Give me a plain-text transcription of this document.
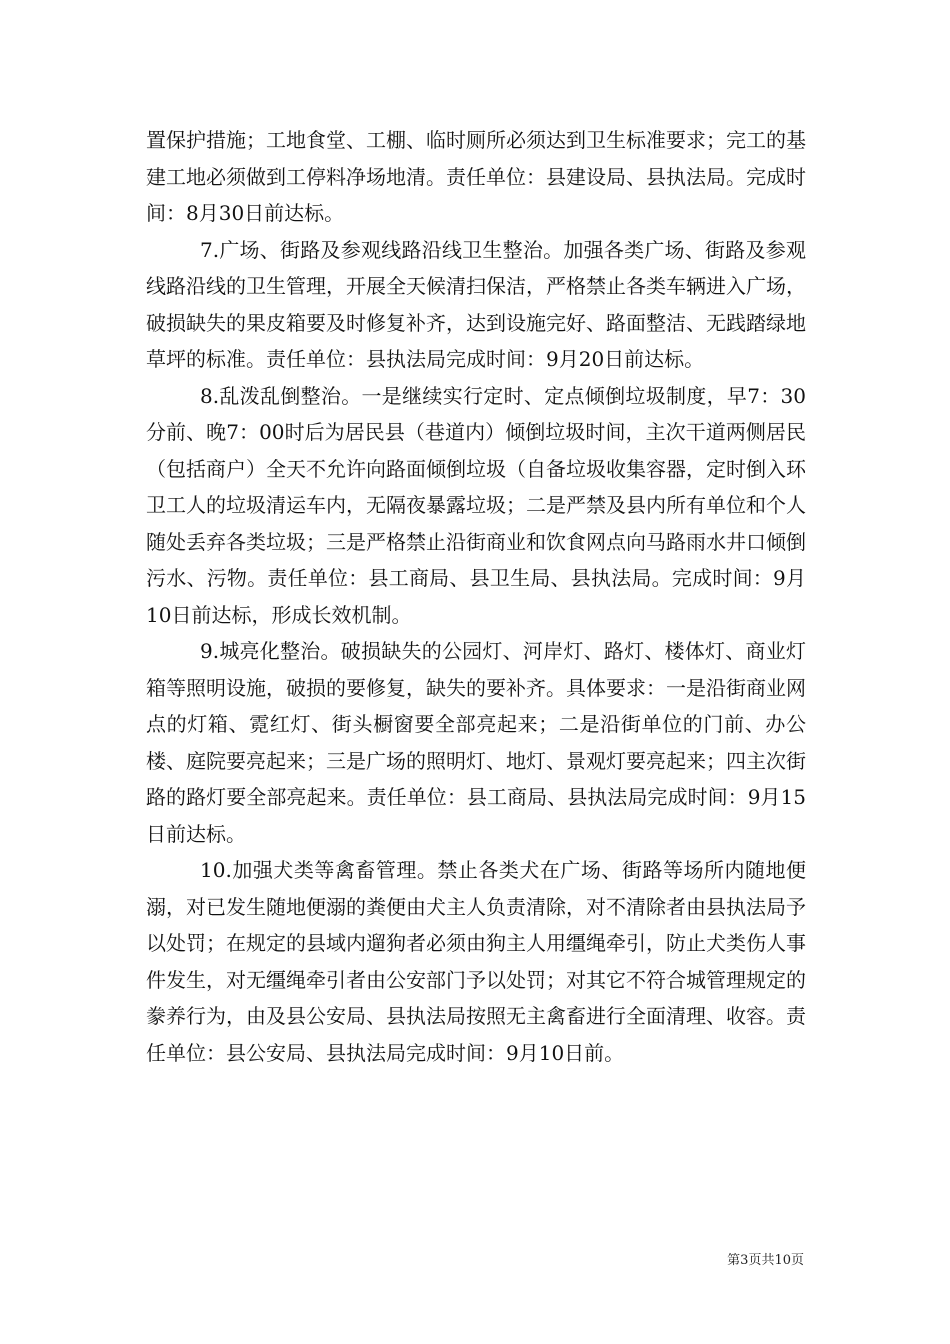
置保护措施；工地食堂、工棚、临时厕所必须达到卫生标准要求；完工的基建工地必须做到工停料净场地清。责任单位：县建设局、县执法局。完成时间：8月30日前达标。

7.广场、街路及参观线路沿线卫生整治。加强各类广场、街路及参观线路沿线的卫生管理，开展全天候清扫保洁，严格禁止各类车辆进入广场，破损缺失的果皮箱要及时修复补齐，达到设施完好、路面整洁、无践踏绿地草坪的标准。责任单位：县执法局完成时间：9月20日前达标。

8.乱泼乱倒整治。一是继续实行定时、定点倾倒垃圾制度，早7：30分前、晚7：00时后为居民县（巷道内）倾倒垃圾时间，主次干道两侧居民（包括商户）全天不允许向路面倾倒垃圾（自备垃圾收集容器，定时倒入环卫工人的垃圾清运车内，无隔夜暴露垃圾；二是严禁及县内所有单位和个人随处丢弃各类垃圾；三是严格禁止沿街商业和饮食网点向马路雨水井口倾倒污水、污物。责任单位：县工商局、县卫生局、县执法局。完成时间：9月10日前达标，形成长效机制。

9.城亮化整治。破损缺失的公园灯、河岸灯、路灯、楼体灯、商业灯箱等照明设施，破损的要修复，缺失的要补齐。具体要求：一是沿街商业网点的灯箱、霓红灯、街头橱窗要全部亮起来；二是沿街单位的门前、办公楼、庭院要亮起来；三是广场的照明灯、地灯、景观灯要亮起来；四主次街路的路灯要全部亮起来。责任单位：县工商局、县执法局完成时间：9月15日前达标。

10.加强犬类等禽畜管理。禁止各类犬在广场、街路等场所内随地便溺，对已发生随地便溺的粪便由犬主人负责清除，对不清除者由县执法局予以处罚；在规定的县域内遛狗者必须由狗主人用缰绳牵引，防止犬类伤人事件发生，对无缰绳牵引者由公安部门予以处罚；对其它不符合城管理规定的豢养行为，由及县公安局、县执法局按照无主禽畜进行全面清理、收容。责任单位：县公安局、县执法局完成时间：9月10日前。

第3页共10页
